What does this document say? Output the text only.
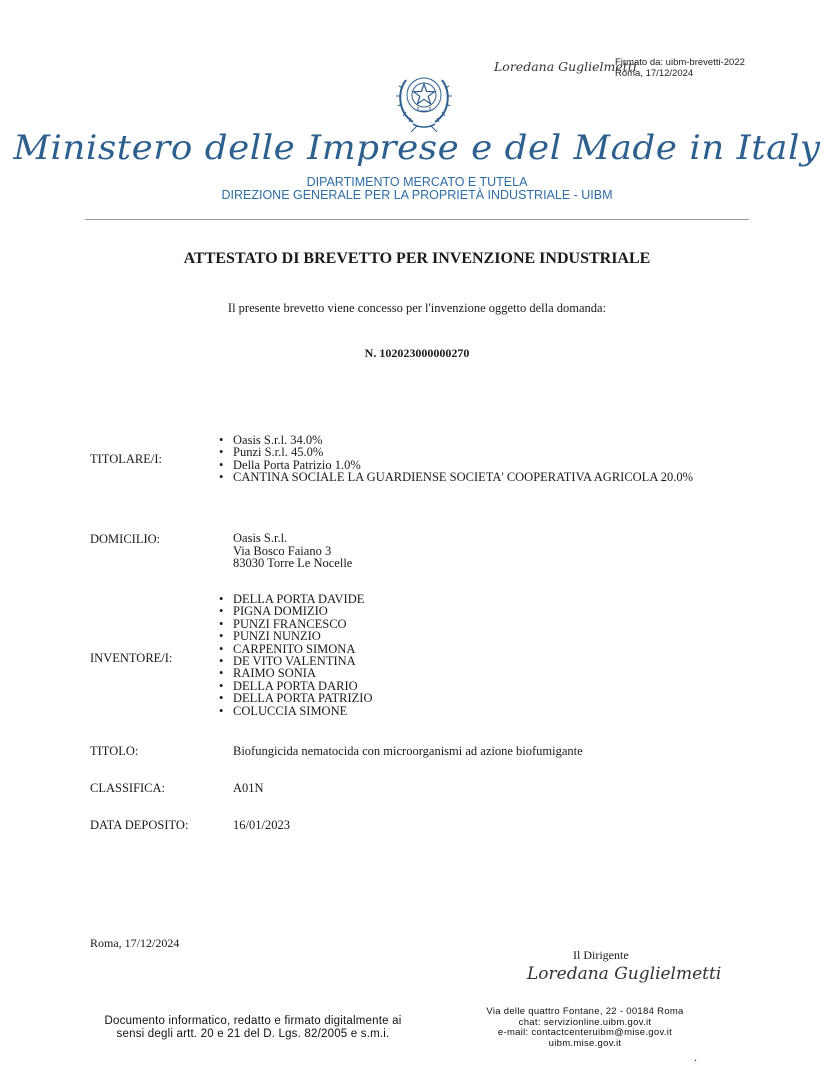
Loredana Guglielmetti
Firmato da: uibm-brevetti-2022
Roma, 17/12/2024
Ministero delle Imprese e del Made in Italy
DIPARTIMENTO MERCATO E TUTELA
DIREZIONE GENERALE PER LA PROPRIETÀ INDUSTRIALE - UIBM
ATTESTATO DI BREVETTO PER INVENZIONE INDUSTRIALE
Il presente brevetto viene concesso per l'invenzione oggetto della domanda:
N. 102023000000270
TITOLARE/I:
• Oasis S.r.l. 34.0%
• Punzi S.r.l. 45.0%
• Della Porta Patrizio 1.0%
• CANTINA SOCIALE LA GUARDIENSE SOCIETA' COOPERATIVA AGRICOLA 20.0%
DOMICILIO:	Oasis S.r.l.
Via Bosco Faiano 3
83030 Torre Le Nocelle
INVENTORE/I:
• DELLA PORTA DAVIDE
• PIGNA DOMIZIO
• PUNZI FRANCESCO
• PUNZI NUNZIO
• CARPENITO SIMONA
• DE VITO VALENTINA
• RAIMO SONIA
• DELLA PORTA DARIO
• DELLA PORTA PATRIZIO
• COLUCCIA SIMONE
TITOLO:	Biofungicida nematocida con microorganismi ad azione biofumigante
CLASSIFICA:	A01N
DATA DEPOSITO:	16/01/2023
Roma, 17/12/2024
Il Dirigente
Loredana Guglielmetti
Documento informatico, redatto e firmato digitalmente ai
sensi degli artt. 20 e 21 del D. Lgs. 82/2005 e s.m.i.
Via delle quattro Fontane, 22 - 00184 Roma
chat: servizionline.uibm.gov.it
e-mail: contactcenteruibm@mise.gov.it
uibm.mise.gov.it
.
